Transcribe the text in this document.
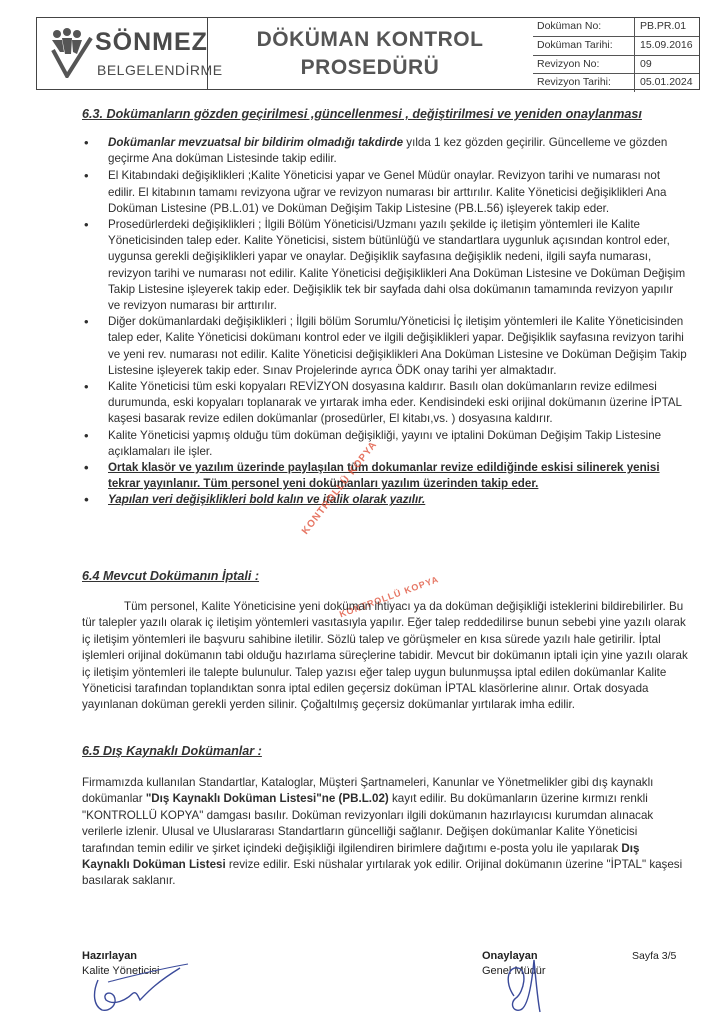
SÖNMEZ
BELGELENDİRME
DÖKÜMAN KONTROL
PROSEDÜRÜ
Doküman No:	PB.PR.01
Doküman Tarihi:	15.09.2016
Revizyon No:	09
Revizyon Tarihi:	05.01.2024
6.3. Dokümanların gözden geçirilmesi ,güncellenmesi , değiştirilmesi ve yeniden onaylanması
• Dokümanlar mevzuatsal bir bildirim olmadığı takdirde yılda 1 kez gözden geçirilir. Güncelleme ve gözden geçirme Ana doküman Listesinde takip edilir.
• El Kitabındaki değişiklikleri ;Kalite Yöneticisi yapar ve Genel Müdür onaylar. Revizyon tarihi ve numarası not edilir. El kitabının tamamı revizyona uğrar ve revizyon numarası bir arttırılır. Kalite Yöneticisi değişiklikleri Ana Doküman Listesine (PB.L.01) ve Doküman Değişim Takip Listesine (PB.L.56) işleyerek takip eder.
• Prosedürlerdeki değişiklikleri ; İlgili Bölüm Yöneticisi/Uzmanı yazılı şekilde iç iletişim yöntemleri ile Kalite Yöneticisinden talep eder. Kalite Yöneticisi, sistem bütünlüğü ve standartlara uygunluk açısından kontrol eder, uygunsa gerekli değişiklikleri yapar ve onaylar. Değişiklik sayfasına değişiklik nedeni, ilgili sayfa numarası, revizyon tarihi ve numarası not edilir. Kalite Yöneticisi değişiklikleri Ana Doküman Listesine ve Doküman Değişim Takip Listesine işleyerek takip eder. Değişiklik tek bir sayfada dahi olsa dokümanın tamamında revizyon yapılır ve revizyon numarası bir arttırılır.
• Diğer dokümanlardaki değişiklikleri ; İlgili bölüm Sorumlu/Yöneticisi İç iletişim yöntemleri ile Kalite Yöneticisinden talep eder, Kalite Yöneticisi dokümanı kontrol eder ve ilgili değişiklikleri yapar. Değişiklik sayfasına revizyon tarihi ve yeni rev. numarası not edilir. Kalite Yöneticisi değişiklikleri Ana Doküman Listesine ve Doküman Değişim Takip Listesine işleyerek takip eder. Sınav Projelerinde ayrıca ÖDK onay tarihi yer almaktadır.
• Kalite Yöneticisi tüm eski kopyaları REVİZYON dosyasına kaldırır. Basılı olan dokümanların revize edilmesi durumunda, eski kopyaları toplanarak ve yırtarak imha eder. Kendisindeki eski orijinal dokümanın üzerine İPTAL kaşesi basarak revize edilen dokümanlar (prosedürler, El kitabı,vs. ) dosyasına kaldırır.
• Kalite Yöneticisi yapmış olduğu tüm doküman değişikliği, yayını ve iptalini Doküman Değişim Takip Listesine açıklamaları ile işler.
• Ortak klasör ve yazılım üzerinde paylaşılan tüm dokumanlar revize edildiğinde eskisi silinerek yenisi tekrar yayınlanır. Tüm personel yeni dokümanları yazılım üzerinden takip eder.
• Yapılan veri değişiklikleri bold kalın ve italik olarak yazılır.
KONTROLLÜ KOPYA
KONTROLLÜ KOPYA
6.4 Mevcut Dokümanın İptali :

Tüm personel, Kalite Yöneticisine yeni doküman ihtiyacı ya da doküman değişikliği isteklerini bildirebilirler. Bu tür talepler yazılı olarak iç iletişim yöntemleri vasıtasıyla yapılır. Eğer talep reddedilirse bunun sebebi yine yazılı olarak iç iletişim yöntemleri ile başvuru sahibine iletilir. Sözlü talep ve görüşmeler en kısa sürede yazılı hale getirilir. İptal işlemleri orijinal dokümanın tabi olduğu hazırlama süreçlerine tabidir. Mevcut bir dokümanın iptali için yine yazılı olarak iç iletişim yöntemleri ile talepte bulunulur. Talep yazısı eğer talep uygun bulunmuşsa iptal edilen dokümanlar Kalite Yöneticisi tarafından toplandıktan sonra iptal edilen geçersiz doküman İPTAL klasörlerine alınır. Ortak dosyada yayınlanan doküman gerekli yerden silinir. Çoğaltılmış geçersiz dokümanlar yırtılarak imha edilir.

6.5 Dış Kaynaklı Dokümanlar :

Firmamızda kullanılan Standartlar, Kataloglar, Müşteri Şartnameleri, Kanunlar ve Yönetmelikler gibi dış kaynaklı dokümanlar "Dış Kaynaklı Doküman Listesi"ne (PB.L.02) kayıt edilir. Bu dokümanların üzerine kırmızı renkli "KONTROLLÜ KOPYA" damgası basılır. Doküman revizyonları ilgili dokümanın hazırlayıcısı kurumdan alınacak verilerle izlenir. Ulusal ve Uluslararası Standartların güncelliği sağlanır. Değişen dokümanlar Kalite Yöneticisi tarafından temin edilir ve şirket içindeki değişikliği ilgilendiren birimlere dağıtımı e-posta yolu ile yapılarak Dış Kaynaklı Doküman Listesi revize edilir. Eski nüshalar yırtılarak yok edilir. Orijinal dokümanın üzerine "İPTAL" kaşesi basılarak saklanır.

Hazırlayan
Kalite Yöneticisi
Onaylayan
Genel Müdür
Sayfa 3/5
